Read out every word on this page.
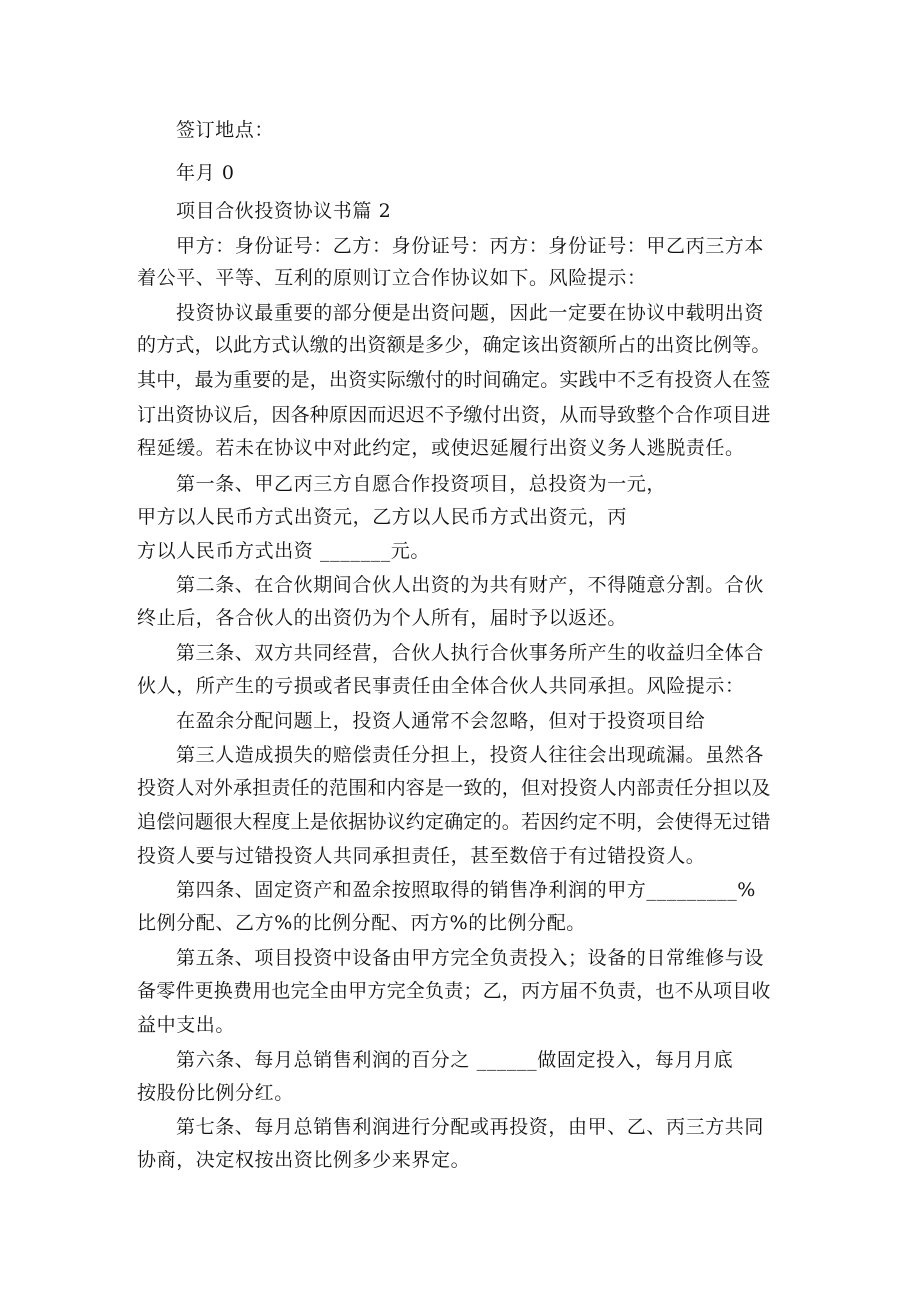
签订地点：
年月 0
项目合伙投资协议书篇 2
甲方：身份证号：乙方：身份证号：丙方：身份证号：甲乙丙三方本
着公平、平等、互利的原则订立合作协议如下。风险提示：
投资协议最重要的部分便是出资问题，因此一定要在协议中载明出资
的方式，以此方式认缴的出资额是多少，确定该出资额所占的出资比例等。
其中，最为重要的是，出资实际缴付的时间确定。实践中不乏有投资人在签
订出资协议后，因各种原因而迟迟不予缴付出资，从而导致整个合作项目进
程延缓。若未在协议中对此约定，或使迟延履行出资义务人逃脱责任。
第一条、甲乙丙三方自愿合作投资项目，总投资为一元，
甲方以人民币方式出资元，乙方以人民币方式出资元，丙
方以人民币方式出资 _______元。
第二条、在合伙期间合伙人出资的为共有财产，不得随意分割。合伙
终止后，各合伙人的出资仍为个人所有，届时予以返还。
第三条、双方共同经营，合伙人执行合伙事务所产生的收益归全体合
伙人，所产生的亏损或者民事责任由全体合伙人共同承担。风险提示：
在盈余分配问题上，投资人通常不会忽略，但对于投资项目给
第三人造成损失的赔偿责任分担上，投资人往往会出现疏漏。虽然各
投资人对外承担责任的范围和内容是一致的，但对投资人内部责任分担以及
追偿问题很大程度上是依据协议约定确定的。若因约定不明，会使得无过错
投资人要与过错投资人共同承担责任，甚至数倍于有过错投资人。
第四条、固定资产和盈余按照取得的销售净利润的甲方_________%
比例分配、乙方%的比例分配、丙方%的比例分配。
第五条、项目投资中设备由甲方完全负责投入；设备的日常维修与设
备零件更换费用也完全由甲方完全负责；乙，丙方届不负责，也不从项目收
益中支出。
第六条、每月总销售利润的百分之 ______做固定投入，每月月底
按股份比例分红。
第七条、每月总销售利润进行分配或再投资，由甲、乙、丙三方共同
协商，决定权按出资比例多少来界定。
